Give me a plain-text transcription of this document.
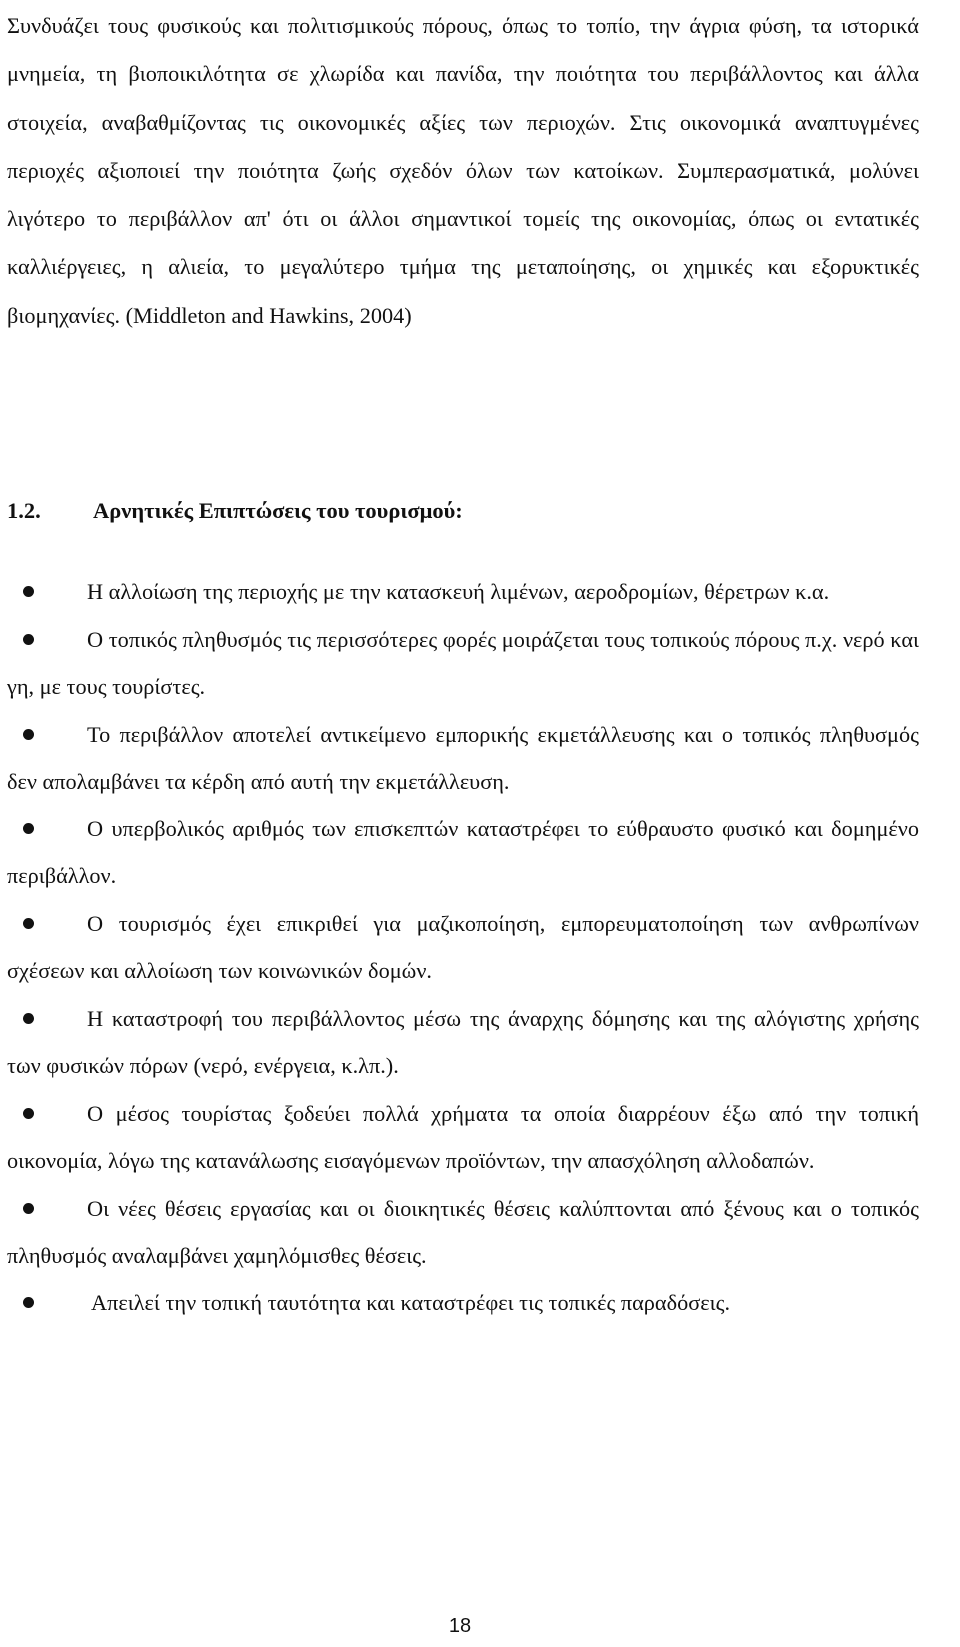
Συνδυάζει τους φυσικούς και πολιτισμικούς πόρους, όπως το τοπίο, την άγρια φύση, τα ιστορικά μνημεία, τη βιοποικιλότητα σε χλωρίδα και πανίδα, την ποιότητα του περιβάλλοντος και άλλα στοιχεία, αναβαθμίζοντας τις οικονομικές αξίες των περιοχών. Στις οικονομικά αναπτυγμένες περιοχές αξιοποιεί την ποιότητα ζωής σχεδόν όλων των κατοίκων. Συμπερασματικά, μολύνει λιγότερο το περιβάλλον απ' ότι οι άλλοι σημαντικοί τομείς της οικονομίας, όπως οι εντατικές καλλιέργειες, η αλιεία, το μεγαλύτερο τμήμα της μεταποίησης, οι χημικές και εξορυκτικές βιομηχανίες. (Middleton and Hawkins, 2004)

1.2. Αρνητικές Επιπτώσεις του τουρισμού:
Η αλλοίωση της περιοχής με την κατασκευή λιμένων, αεροδρομίων, θέρετρων κ.α.
Ο τοπικός πληθυσμός τις περισσότερες φορές μοιράζεται τους τοπικούς πόρους π.χ. νερό και γη, με τους τουρίστες.
Το περιβάλλον αποτελεί αντικείμενο εμπορικής εκμετάλλευσης και ο τοπικός πληθυσμός δεν απολαμβάνει τα κέρδη από αυτή την εκμετάλλευση.
Ο υπερβολικός αριθμός των επισκεπτών καταστρέφει το εύθραυστο φυσικό και δομημένο περιβάλλον.
Ο τουρισμός έχει επικριθεί για μαζικοποίηση, εμπορευματοποίηση των ανθρωπίνων σχέσεων και αλλοίωση των κοινωνικών δομών.
Η καταστροφή του περιβάλλοντος μέσω της άναρχης δόμησης και της αλόγιστης χρήσης των φυσικών πόρων (νερό, ενέργεια, κ.λπ.).
Ο μέσος τουρίστας ξοδεύει πολλά χρήματα τα οποία διαρρέουν έξω από την τοπική οικονομία, λόγω της κατανάλωσης εισαγόμενων προϊόντων, την απασχόληση αλλοδαπών.
Οι νέες θέσεις εργασίας και οι διοικητικές θέσεις καλύπτονται από ξένους και ο τοπικός πληθυσμός αναλαμβάνει χαμηλόμισθες θέσεις.
Απειλεί την τοπική ταυτότητα και καταστρέφει τις τοπικές παραδόσεις.
18
